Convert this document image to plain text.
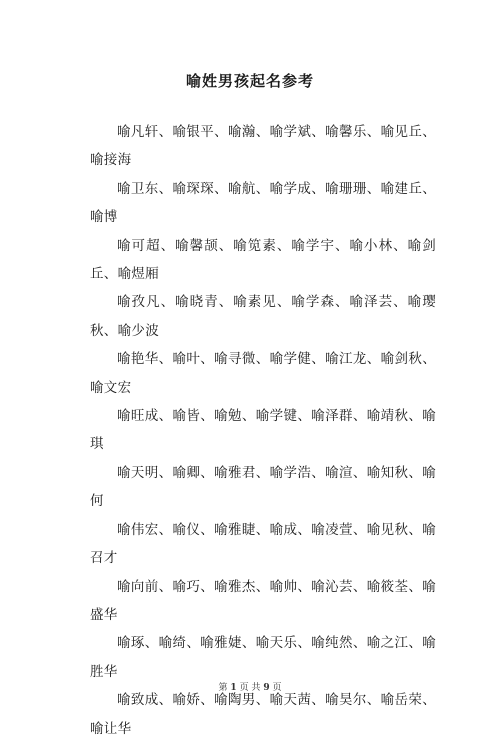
喻姓男孩起名参考

喻凡轩、喻银平、喻瀚、喻学斌、喻馨乐、喻见丘、喻接海

喻卫东、喻琛琛、喻航、喻学成、喻珊珊、喻建丘、喻博

喻可超、喻馨颉、喻笕素、喻学宇、喻小林、喻剑丘、喻煜厢

喻孜凡、喻晓青、喻素见、喻学森、喻泽芸、喻璎秋、喻少波

喻艳华、喻叶、喻寻微、喻学健、喻江龙、喻剑秋、喻文宏

喻旺成、喻皆、喻勉、喻学键、喻泽群、喻靖秋、喻琪

喻天明、喻卿、喻雅君、喻学浩、喻渲、喻知秋、喻何

喻伟宏、喻仪、喻雅睫、喻成、喻凌萱、喻见秋、喻召才

喻向前、喻巧、喻雅杰、喻帅、喻沁芸、喻筱荃、喻盛华

喻琢、喻绮、喻雅婕、喻天乐、喻纯然、喻之江、喻胜华

喻致成、喻娇、喻陶男、喻天茜、喻昊尔、喻岳荣、喻让华

第 1 页 共 9 页
